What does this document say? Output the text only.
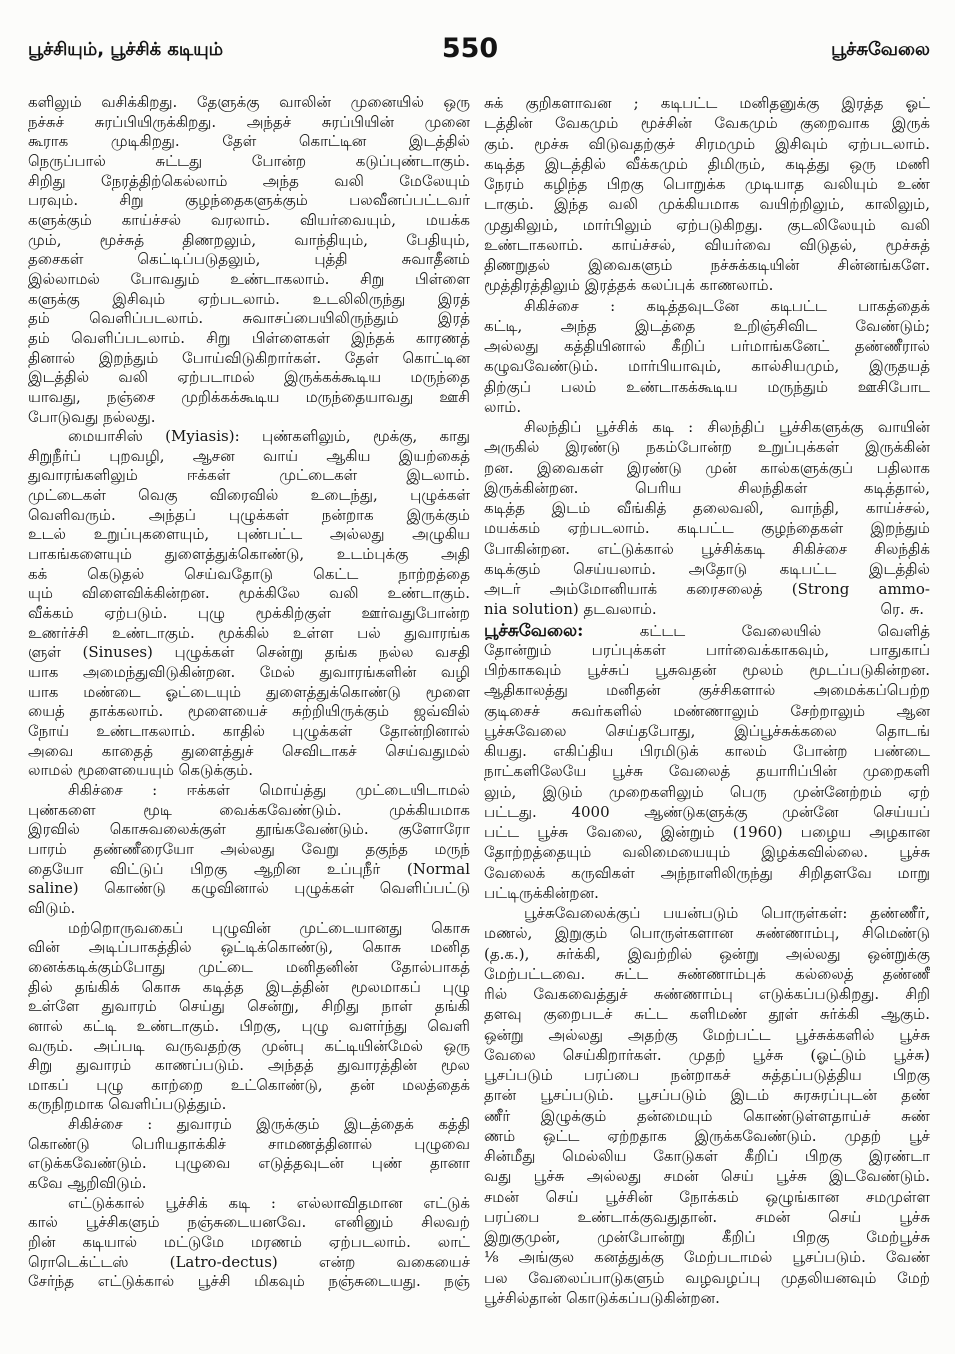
பூச்சியும், பூச்சிக் கடியும்	550	பூச்சுவேலை
களிலும் வசிக்கிறது. தேளுக்கு வாலின் முனையில் ஒரு
நச்சுச் சுரப்பியிருக்கிறது. அந்தச் சுரப்பியின் முனை
கூராக முடிகிறது. தேள் கொட்டின இடத்தில்
நெருப்பால் சுட்டது போன்ற கடுப்புண்டாகும்.
சிறிது நேரத்திற்கெல்லாம் அந்த வலி மேலேயும்
பரவும். சிறு குழந்தைகளுக்கும் பலவீனப்பட்டவர்
களுக்கும் காய்ச்சல் வரலாம். வியர்வையும், மயக்க
மும், மூச்சுத் திணறலும், வாந்தியும், பேதியும்,
தசைகள் கெட்டிப்படுதலும், புத்தி சுவாதீனம்
இல்லாமல் போவதும் உண்டாகலாம். சிறு பிள்ளை
களுக்கு இசிவும் ஏற்படலாம். உடலிலிருந்து இரத்
தம் வெளிப்படலாம். சுவாசப்பையிலிருந்தும் இரத்
தம் வெளிப்படலாம். சிறு பிள்ளைகள் இந்தக் காரணத்
தினால் இறந்தும் போய்விடுகிறார்கள். தேள் கொட்டின
இடத்தில் வலி ஏற்படாமல் இருக்கக்கூடிய மருந்தை
யாவது, நஞ்சை முறிக்கக்கூடிய மருந்தையாவது ஊசி
போடுவது நல்லது.
மையாசிஸ் (Myiasis): புண்களிலும், மூக்கு, காது
சிறுநீர்ப் புறவழி, ஆசன வாய் ஆகிய இயற்கைத்
துவாரங்களிலும் ஈக்கள் முட்டைகள் இடலாம்.
முட்டைகள் வெகு விரைவில் உடைந்து, புழுக்கள்
வெளிவரும். அந்தப் புழுக்கள் நன்றாக இருக்கும்
உடல் உறுப்புகளையும், புண்பட்ட அல்லது அழுகிய
பாகங்களையும் துளைத்துக்கொண்டு, உடம்புக்கு அதி
கக் கெடுதல் செய்வதோடு கெட்ட நாற்றத்தை
யும் விளைவிக்கின்றன. மூக்கிலே வலி உண்டாகும்.
வீக்கம் ஏற்படும். புழு மூக்கிற்குள் ஊர்வதுபோன்ற
உணர்ச்சி உண்டாகும். மூக்கில் உள்ள பல் துவாரங்க
ளுள் (Sinuses) புழுக்கள் சென்று தங்க நல்ல வசதி
யாக அமைந்துவிடுகின்றன. மேல் துவாரங்களின் வழி
யாக மண்டை ஓட்டையும் துளைத்துக்கொண்டு மூளை
யைத் தாக்கலாம். மூளையைச் சுற்றியிருக்கும் ஜவ்வில்
நோய் உண்டாகலாம். காதில் புழுக்கள் தோன்றினால்
அவை காதைத் துளைத்துச் செவிடாகச் செய்வதுமல்
லாமல் மூளையையும் கெடுக்கும்.
சிகிச்சை : ஈக்கள் மொய்த்து முட்டையிடாமல்
புண்களை மூடி வைக்கவேண்டும். முக்கியமாக
இரவில் கொசுவலைக்குள் தூங்கவேண்டும். குளோரோ
பாரம் தண்ணீரையோ அல்லது வேறு தகுந்த மருந்
தையோ விட்டுப் பிறகு ஆறின உப்புநீர் (Normal
saline) கொண்டு கழுவினால் புழுக்கள் வெளிப்பட்டு
விடும்.
மற்றொருவகைப் புழுவின் முட்டையானது கொசு
வின் அடிப்பாகத்தில் ஒட்டிக்கொண்டு, கொசு மனித
னைக்கடிக்கும்போது முட்டை மனிதனின் தோல்பாகத்
தில் தங்கிக் கொசு கடித்த இடத்தின் மூலமாகப் புழு
உள்ளே துவாரம் செய்து சென்று, சிறிது நாள் தங்கி
னால் கட்டி உண்டாகும். பிறகு, புழு வளர்ந்து வெளி
வரும். அப்படி வருவதற்கு முன்பு கட்டியின்மேல் ஒரு
சிறு துவாரம் காணப்படும். அந்தத் துவாரத்தின் மூல
மாகப் புழு காற்றை உட்கொண்டு, தன் மலத்தைக்
கருநிறமாக வெளிப்படுத்தும்.
சிகிச்சை : துவாரம் இருக்கும் இடத்தைக் கத்தி
கொண்டு பெரியதாக்கிச் சாமணத்தினால் புழுவை
எடுக்கவேண்டும். புழுவை எடுத்தவுடன் புண் தானா
கவே ஆறிவிடும்.
எட்டுக்கால் பூச்சிக் கடி : எல்லாவிதமான எட்டுக்
கால் பூச்சிகளும் நஞ்சுடையனவே. எனினும் சிலவற்
றின் கடியால் மட்டுமே மரணம் ஏற்படலாம். லாட்
ரொடெக்ட்டஸ் (Latro-dectus) என்ற வகையைச்
சேர்ந்த எட்டுக்கால் பூச்சி மிகவும் நஞ்சுடையது. நஞ்
சுக் குறிகளாவன ; கடிபட்ட மனிதனுக்கு இரத்த ஓட்
டத்தின் வேகமும் மூச்சின் வேகமும் குறைவாக இருக்
கும். மூச்சு விடுவதற்குச் சிரமமும் இசிவும் ஏற்படலாம்.
கடித்த இடத்தில் வீக்கமும் திமிரும், கடித்து ஒரு மணி
நேரம் கழிந்த பிறகு பொறுக்க முடியாத வலியும் உண்
டாகும். இந்த வலி முக்கியமாக வயிற்றிலும், காலிலும்,
முதுகிலும், மார்பிலும் ஏற்படுகிறது. குடலிலேயும் வலி
உண்டாகலாம். காய்ச்சல், வியர்வை விடுதல், மூச்சுத்
திணறுதல் இவைகளும் நச்சுக்கடியின் சின்னங்களே.
மூத்திரத்திலும் இரத்தக் கலப்புக் காணலாம்.
சிகிச்சை : கடித்தவுடனே கடிபட்ட பாகத்தைக்
கட்டி, அந்த இடத்தை உறிஞ்சிவிட வேண்டும்;
அல்லது கத்தியினால் கீறிப் பர்மாங்கனேட் தண்ணீரால்
கழுவவேண்டும். மார்பியாவும், கால்சியமும், இருதயத்
திற்குப் பலம் உண்டாகக்கூடிய மருந்தும் ஊசிபோட
லாம்.
சிலந்திப் பூச்சிக் கடி : சிலந்திப் பூச்சிகளுக்கு வாயின்
அருகில் இரண்டு நகம்போன்ற உறுப்புக்கள் இருக்கின்
றன. இவைகள் இரண்டு முன் கால்களுக்குப் பதிலாக
இருக்கின்றன. பெரிய சிலந்திகள் கடித்தால்,
கடித்த இடம் வீங்கித் தலைவலி, வாந்தி, காய்ச்சல்,
மயக்கம் ஏற்படலாம். கடிபட்ட குழந்தைகள் இறந்தும்
போகின்றன. எட்டுக்கால் பூச்சிக்கடி சிகிச்சை சிலந்திக்
கடிக்கும் செய்யலாம். அதோடு கடிபட்ட இடத்தில்
அடர் அம்மோனியாக் கரைசலைத் (Strong ammo-
nia solution) தடவலாம்.	ரெ. சு.
பூச்சுவேலை:	கட்டட வேலையில் வெளித்
தோன்றும் பரப்புக்கள் பார்வைக்காகவும், பாதுகாப்
பிற்காகவும் பூச்சுப் பூசுவதன் மூலம் மூடப்படுகின்றன.
ஆதிகாலத்து மனிதன் குச்சிகளால் அமைக்கப்பெற்ற
குடிசைச் சுவர்களில் மண்ணாலும் சேற்றாலும் ஆன
பூச்சுவேலை செய்தபோது, இப்பூச்சுக்கலை தொடங்
கியது. எகிப்திய பிரமிடுக் காலம் போன்ற பண்டை
நாட்களிலேயே பூச்சு வேலைத் தயாரிப்பின் முறைகளி
லும், இடும் முறைகளிலும் பெரு முன்னேற்றம் ஏற்
பட்டது. 4000 ஆண்டுகளுக்கு முன்னே செய்யப்
பட்ட பூச்சு வேலை, இன்றும் (1960) பழைய அழகான
தோற்றத்தையும் வலிமையையும் இழக்கவில்லை. பூச்சு
வேலைக் கருவிகள் அந்நாளிலிருந்து சிறிதளவே மாறு
பட்டிருக்கின்றன.
பூச்சுவேலைக்குப் பயன்படும் பொருள்கள்: தண்ணீர்,
மணல், இறுகும் பொருள்களான சுண்ணாம்பு, சிமெண்டு
(த.க.), சுர்க்கி, இவற்றில் ஒன்று அல்லது ஒன்றுக்கு
மேற்பட்டவை. சுட்ட சுண்ணாம்புக் கல்லைத் தண்ணீ
ரில் வேகவைத்துச் சுண்ணாம்பு எடுக்கப்படுகிறது. சிறி
தளவு குறைபடச் சுட்ட களிமண் தூள் சுர்க்கி ஆகும்.
ஒன்று அல்லது அதற்கு மேற்பட்ட பூச்சுக்களில் பூச்சு
வேலை செய்கிறார்கள். முதற் பூச்சு (ஓட்டும் பூச்சு)
பூசப்படும் பரப்பை நன்றாகச் சுத்தப்படுத்திய பிறகு
தான் பூசப்படும். பூசப்படும் இடம் சுரசுரப்புடன் தண்
ணீர் இழுக்கும் தன்மையும் கொண்டுள்ளதாய்ச் சுண்
ணம் ஒட்ட ஏற்றதாக இருக்கவேண்டும். முதற் பூச்
சின்மீது மெல்லிய கோடுகள் கீறிப் பிறகு இரண்டா
வது பூச்சு அல்லது சமன் செய் பூச்சு இடவேண்டும்.
சமன் செய் பூச்சின் நோக்கம் ஒழுங்கான சமமுள்ள
பரப்பை உண்டாக்குவதுதான். சமன் செய் பூச்சு
இறுகுமுன், முன்போன்று கீறிப் பிறகு மேற்பூச்சு
⅛ அங்குல கனத்துக்கு மேற்படாமல் பூசப்படும். வேண்
பல வேலைப்பாடுகளும் வழவழப்பு முதலியனவும் மேற்
பூச்சில்தான் கொடுக்கப்படுகின்றன.
